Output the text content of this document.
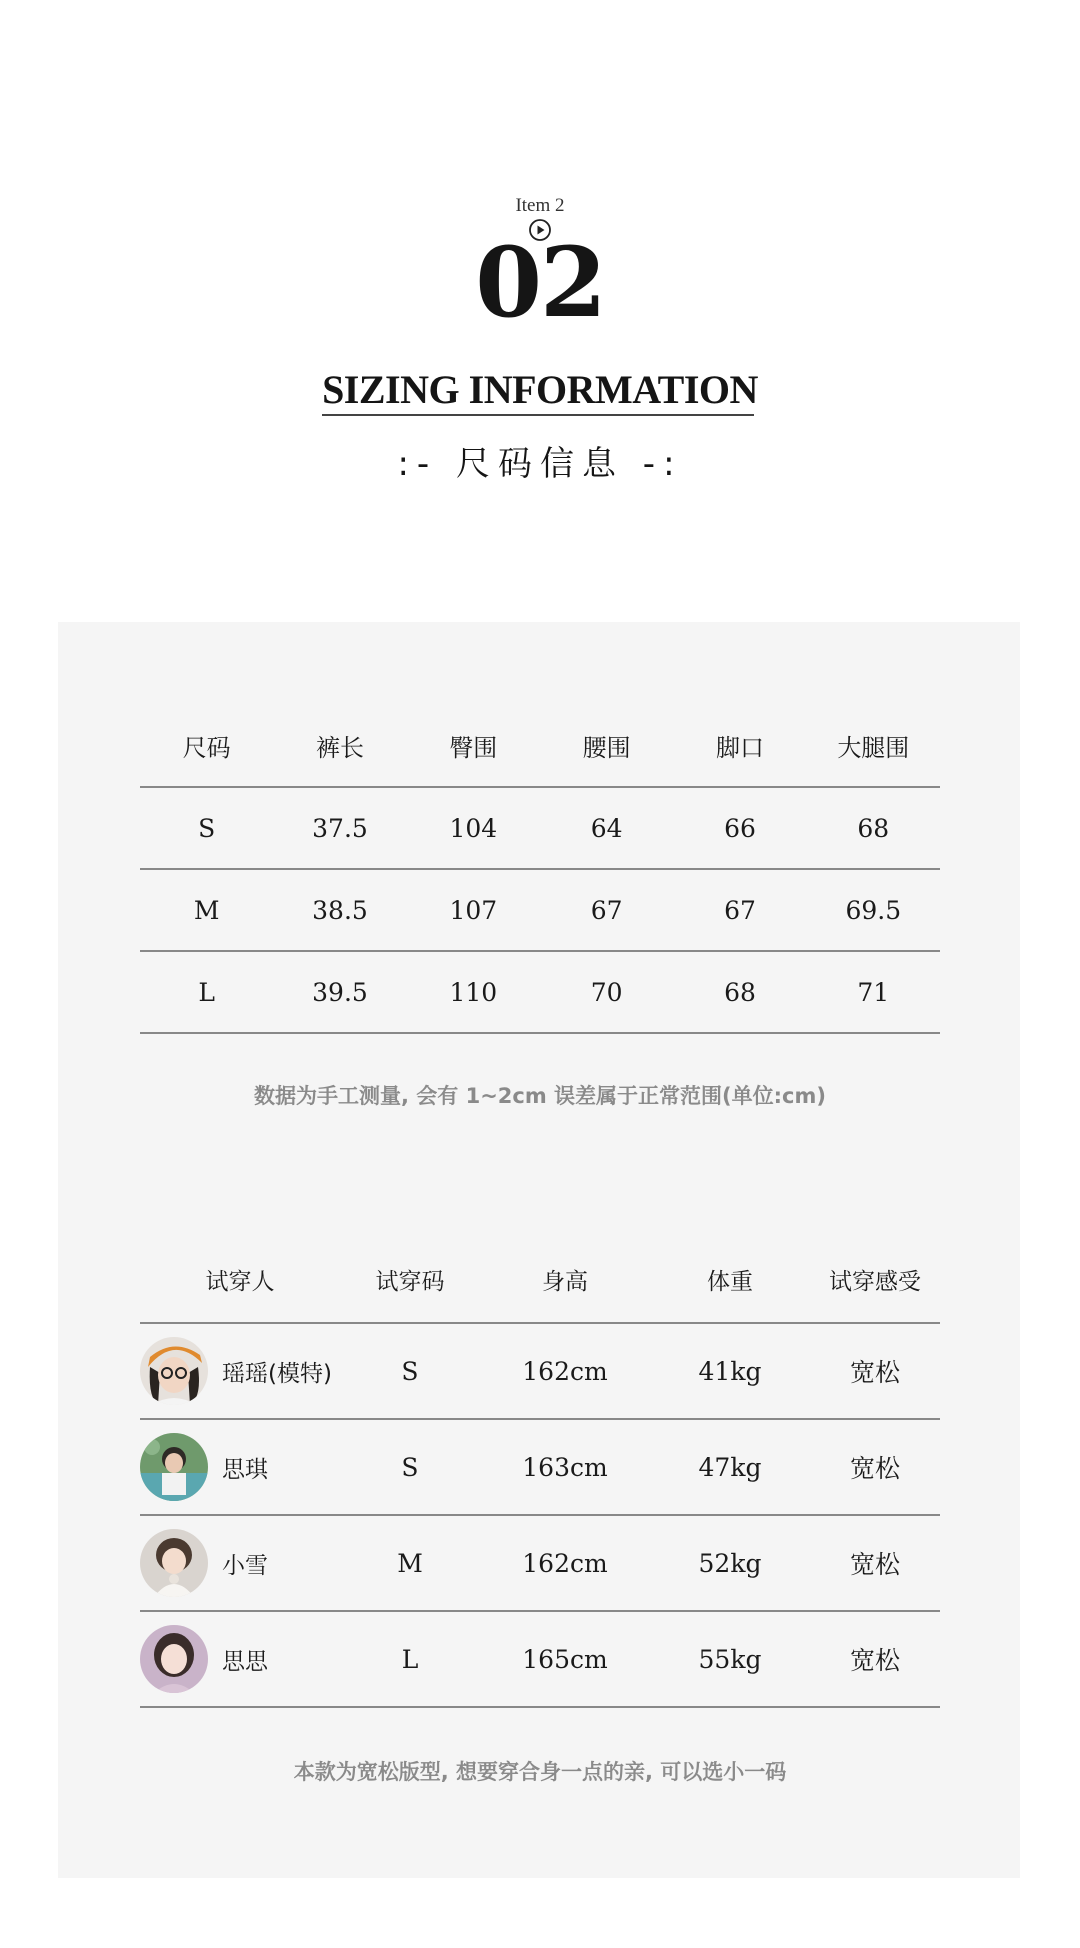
Item 2
02
SIZING INFORMATION
:- 尺码信息 -:
尺码	裤长	臀围	腰围	脚口	大腿围
S	37.5	104	64	66	68
M	38.5	107	67	67	69.5
L	39.5	110	70	68	71
数据为手工测量, 会有 1~2cm 误差属于正常范围(单位:cm)
试穿人	试穿码	身高	体重	试穿感受

瑶瑶(模特)	S	162cm	41kg	宽松

思琪	S	163cm	47kg	宽松

小雪	M	162cm	52kg	宽松

思思	L	165cm	55kg	宽松
本款为宽松版型, 想要穿合身一点的亲, 可以选小一码
